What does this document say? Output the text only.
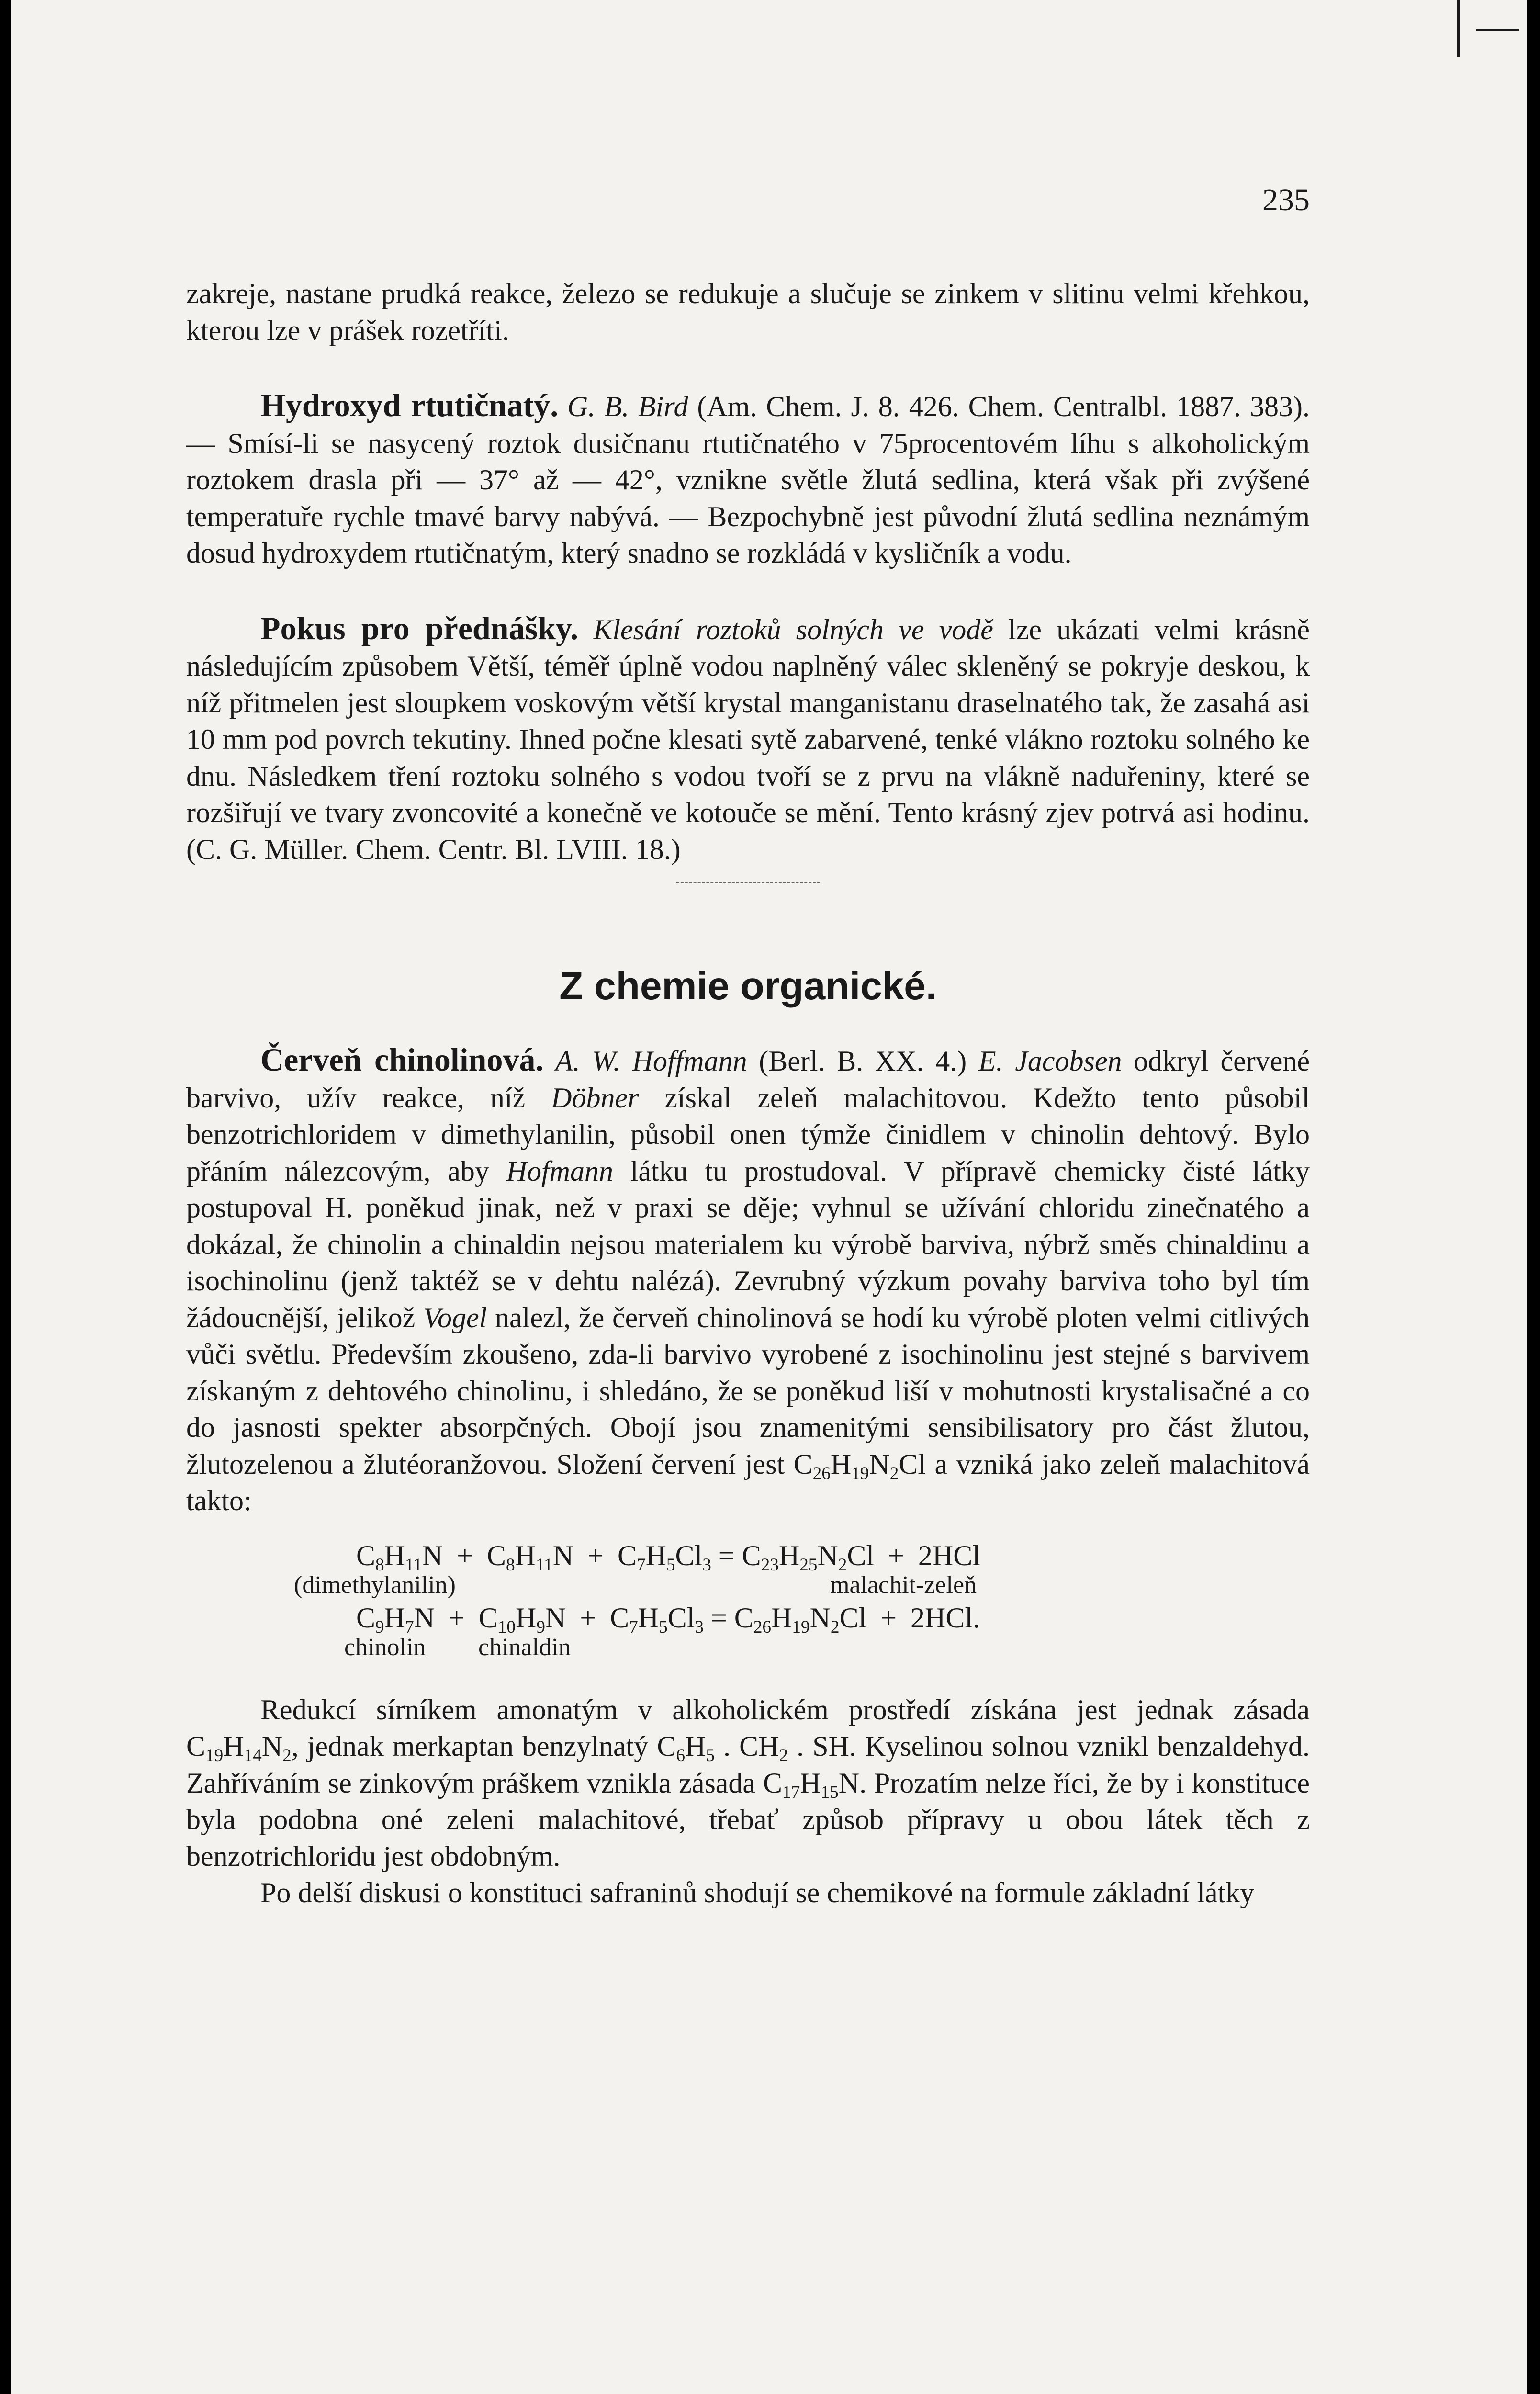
235

zakreje, nastane prudká reakce, železo se redukuje a slučuje se zinkem v slitinu velmi křehkou, kterou lze v prášek rozetříti.

Hydroxyd rtutičnatý. G. B. Bird (Am. Chem. J. 8. 426. Chem. Centralbl. 1887. 383). — Smísí-li se nasycený roztok dusičnanu rtutičnatého v 75procentovém líhu s alkoholickým roztokem drasla při — 37° až — 42°, vznikne světle žlutá sedlina, která však při zvýšené temperatuře rychle tmavé barvy nabývá. — Bezpochybně jest původní žlutá sedlina neznámým dosud hydroxydem rtutičnatým, který snadno se rozkládá v kysličník a vodu.

Pokus pro přednášky. Klesání roztoků solných ve vodě lze ukázati velmi krásně následujícím způsobem Větší, téměř úplně vodou naplněný válec skleněný se pokryje deskou, k níž přitmelen jest sloupkem voskovým větší krystal manganistanu draselnatého tak, že zasahá asi 10 mm pod povrch tekutiny. Ihned počne klesati sytě zabarvené, tenké vlákno roztoku solného ke dnu. Následkem tření roztoku solného s vodou tvoří se z prvu na vlákně naduřeniny, které se rozšiřují ve tvary zvoncovité a konečně ve kotouče se mění. Tento krásný zjev potrvá asi hodinu. (C. G. Müller. Chem. Centr. Bl. LVIII. 18.)

Z chemie organické.

Červeň chinolinová. A. W. Hoffmann (Berl. B. XX. 4.) E. Jacobsen odkryl červené barvivo, užív reakce, níž Döbner získal zeleň malachitovou. Kdežto tento působil benzotrichloridem v dimethylanilin, působil onen týmže činidlem v chinolin dehtový. Bylo přáním nálezcovým, aby Hofmann látku tu prostudoval. V přípravě chemicky čisté látky postupoval H. poněkud jinak, než v praxi se děje; vyhnul se užívání chloridu zinečnatého a dokázal, že chinolin a chinaldin nejsou materialem ku výrobě barviva, nýbrž směs chinaldinu a isochinolinu (jenž taktéž se v dehtu nalézá). Zevrubný výzkum povahy barviva toho byl tím žádoucnější, jelikož Vogel nalezl, že červeň chinolinová se hodí ku výrobě ploten velmi citlivých vůči světlu. Především zkoušeno, zda-li barvivo vyrobené z isochinolinu jest stejné s barvivem získaným z dehtového chinolinu, i shledáno, že se poněkud liší v mohutnosti krystalisačné a co do jasnosti spekter absorpčných. Obojí jsou znamenitými sensibilisatory pro část žlutou, žlutozelenou a žlutéoranžovou. Složení červení jest $C_{26}H_{19}N_2Cl$ a vzniká jako zeleň malachitová takto:

$C_8H_{11}N + C_8H_{11}N + C_7H_5Cl_3 = C_{23}H_{25}N_2Cl + 2HCl$
(dimethylanilin)	malachit-zeleň
$C_9H_7N + C_{10}H_9N + C_7H_5Cl_3 = C_{26}H_{19}N_2Cl + 2HCl$.
chinolin chinaldin

Redukcí sírníkem amonatým v alkoholickém prostředí získána jest jednak zásada $C_{19}H_{14}N_2$, jednak merkaptan benzylnatý $C_6H_5$ . $CH_2$ . SH. Kyselinou solnou vznikl benzaldehyd. Zahříváním se zinkovým práškem vznikla zásada $C_{17}H_{15}N$. Prozatím nelze říci, že by i konstituce byla podobna oné zeleni malachitové, třebať způsob přípravy u obou látek těch z benzotrichloridu jest obdobným.

Po delší diskusi o konstituci safraninů shodují se chemikové na formule základní látky
